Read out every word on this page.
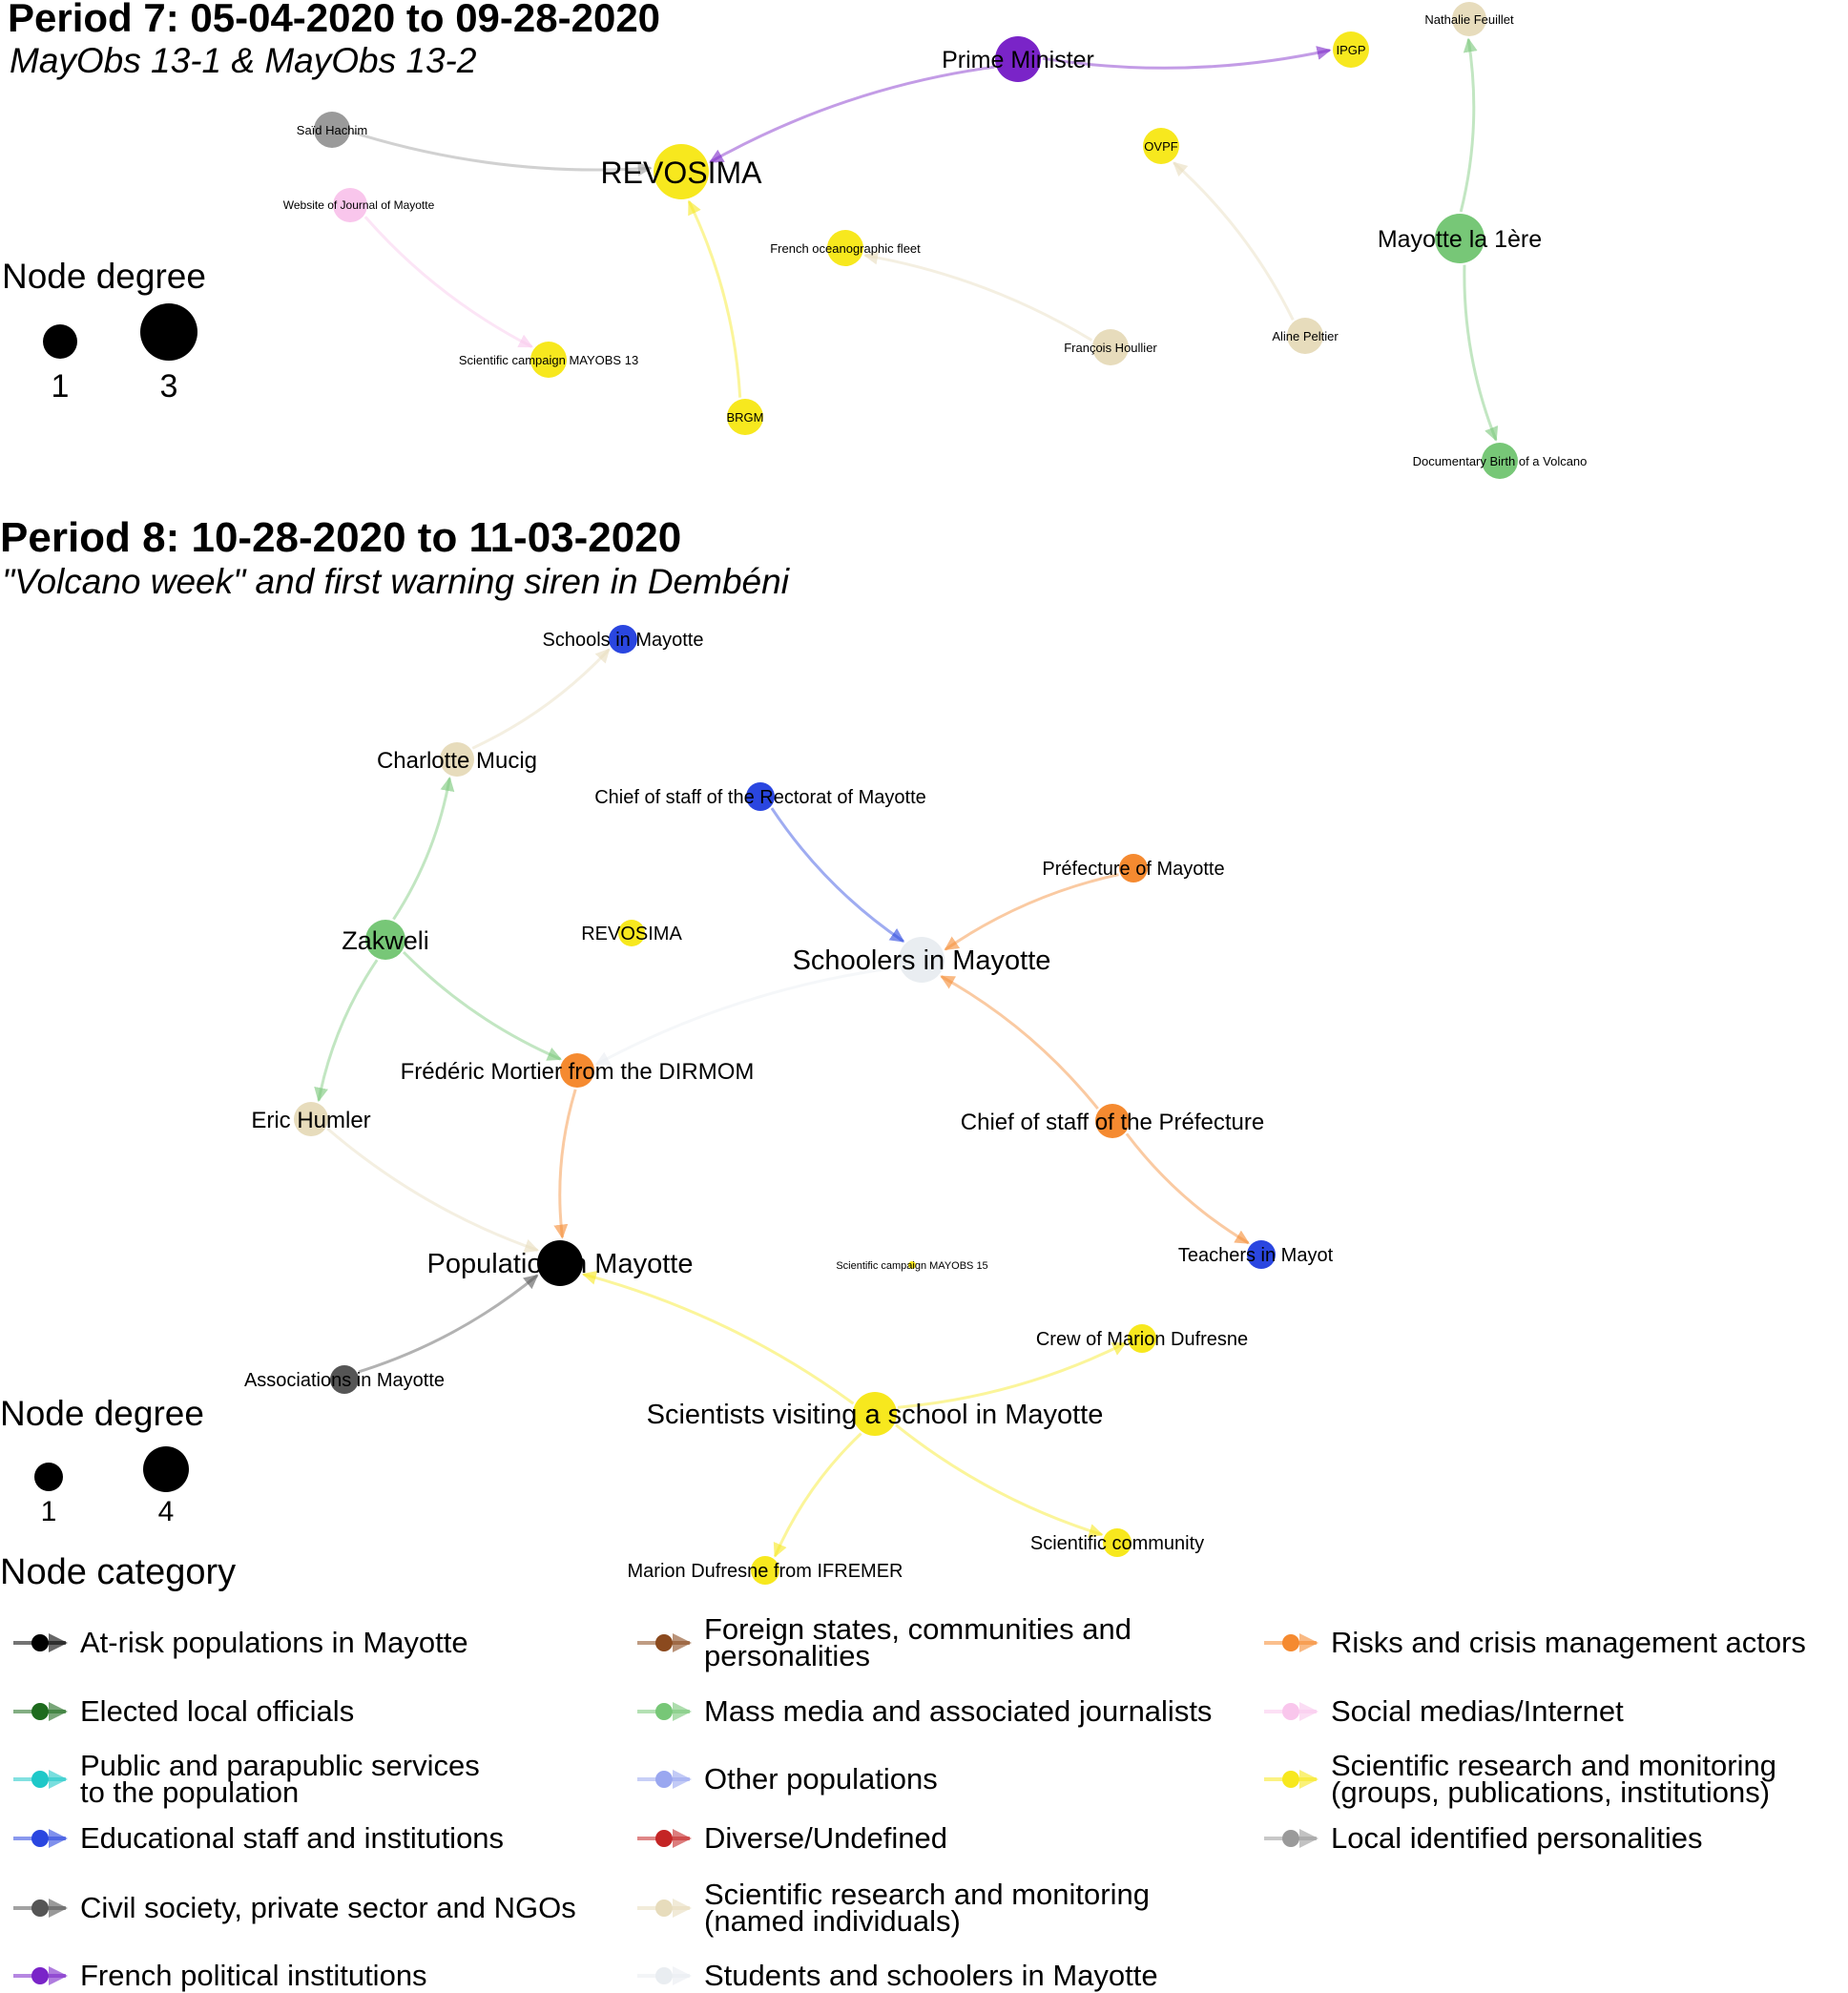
Period 7: 05-04-2020 to 09-28-2020
MayObs 13-1 & MayObs 13-2	Prime Minister	IPGP
Nathalie Feuillet
Saïd Hachim
REVOSIMA
OVPF
Website of Journal of Mayotte
Mayotte la 1ère
French oceanographic fleet
François Houllier
Aline Peltier
Scientific campaign MAYOBS 13
BRGM
Documentary Birth of a Volcano
Node degree
1	3
Period 8: 10-28-2020 to 11-03-2020
"Volcano week" and first warning siren in Dembéni
Schools in Mayotte
Charlotte Mucig
Chief of staff of the Rectorat of Mayotte
Préfecture of Mayotte
Zakweli	REVOSIMA
Schoolers in Mayotte
Frédéric Mortier from the DIRMOM
Eric Humler	Chief of staff of the Préfecture
Population in Mayotte	Scientific campaign MAYOBS 15	Teachers in Mayot
Crew of Marion Dufresne
Associations in Mayotte
Scientists visiting a school in Mayotte
Scientific community
Marion Dufresne from IFREMER
Node degree
1	4
Node category
At-risk populations in Mayotte
Elected local officials
Public and parapublic services
to the population
Educational staff and institutions
Civil society, private sector and NGOs
French political institutions
Foreign states, communities and
personalities
Mass media and associated journalists
Other populations
Diverse/Undefined
Scientific research and monitoring
(named individuals)
Students and schoolers in Mayotte
Risks and crisis management actors
Social medias/Internet
Scientific research and monitoring
(groups, publications, institutions)
Local identified personalities
